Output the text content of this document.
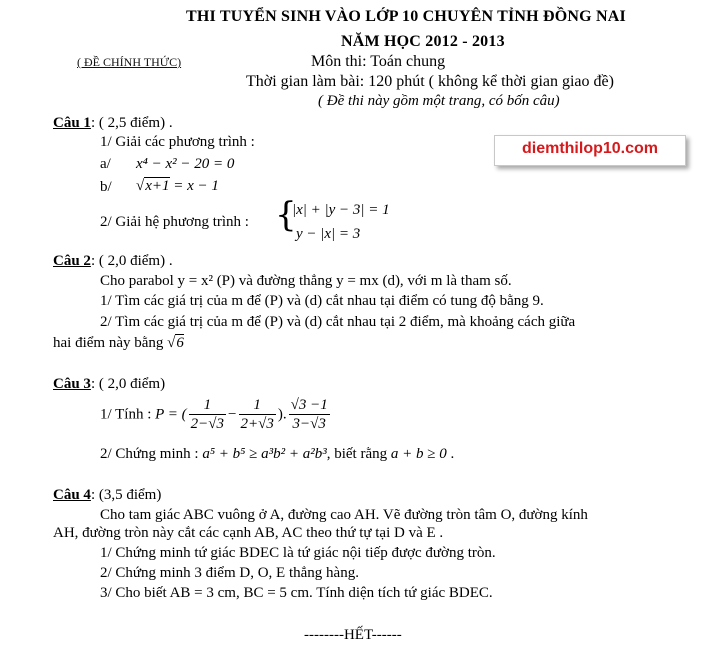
THI TUYỂN SINH VÀO LỚP 10 CHUYÊN TỈNH ĐỒNG NAI
NĂM HỌC 2012 - 2013
( ĐỀ CHÍNH THỨC)	Môn thi: Toán chung
Thời gian làm bài: 120 phút ( không kể thời gian giao đề)
( Đề thi này gồm một trang, có bốn câu)
diemthilop10.com
Câu 1: ( 2,5 điểm) .
1/ Giải các phương trình :
a/ x⁴ − x² − 20 = 0
b/ √x+1 = x − 1
2/ Giải hệ phương trình : {
|x| + |y − 3| = 1
y − |x| = 3
Câu 2: ( 2,0 điểm) .
Cho parabol y = x² (P) và đường thẳng y = mx (d), với m là tham số.
1/ Tìm các giá trị của m để (P) và (d) cắt nhau tại điểm có tung độ bằng 9.
2/ Tìm các giá trị của m để (P) và (d) cắt nhau tại 2 điểm, mà khoảng cách giữa
hai điểm này bằng √6
Câu 3: ( 2,0 điểm)
1/ Tính : P = ( $\frac{1}{2-√3} - \frac{1}{2+√3}$ ). $\frac{√3 -1}{3-√3}$
2/ Chứng minh : a⁵ + b⁵ ≥ a³b² + a²b³, biết rằng a + b ≥ 0 .
Câu 4: (3,5 điểm)
Cho tam giác ABC vuông ở A, đường cao AH. Vẽ đường tròn tâm O, đường kính
AH, đường tròn này cắt các cạnh AB, AC theo thứ tự tại D và E .
1/ Chứng minh tứ giác BDEC là tứ giác nội tiếp được đường tròn.
2/ Chứng minh 3 điểm D, O, E thẳng hàng.
3/ Cho biết AB = 3 cm, BC = 5 cm. Tính diện tích tứ giác BDEC.
--------HẾT------
